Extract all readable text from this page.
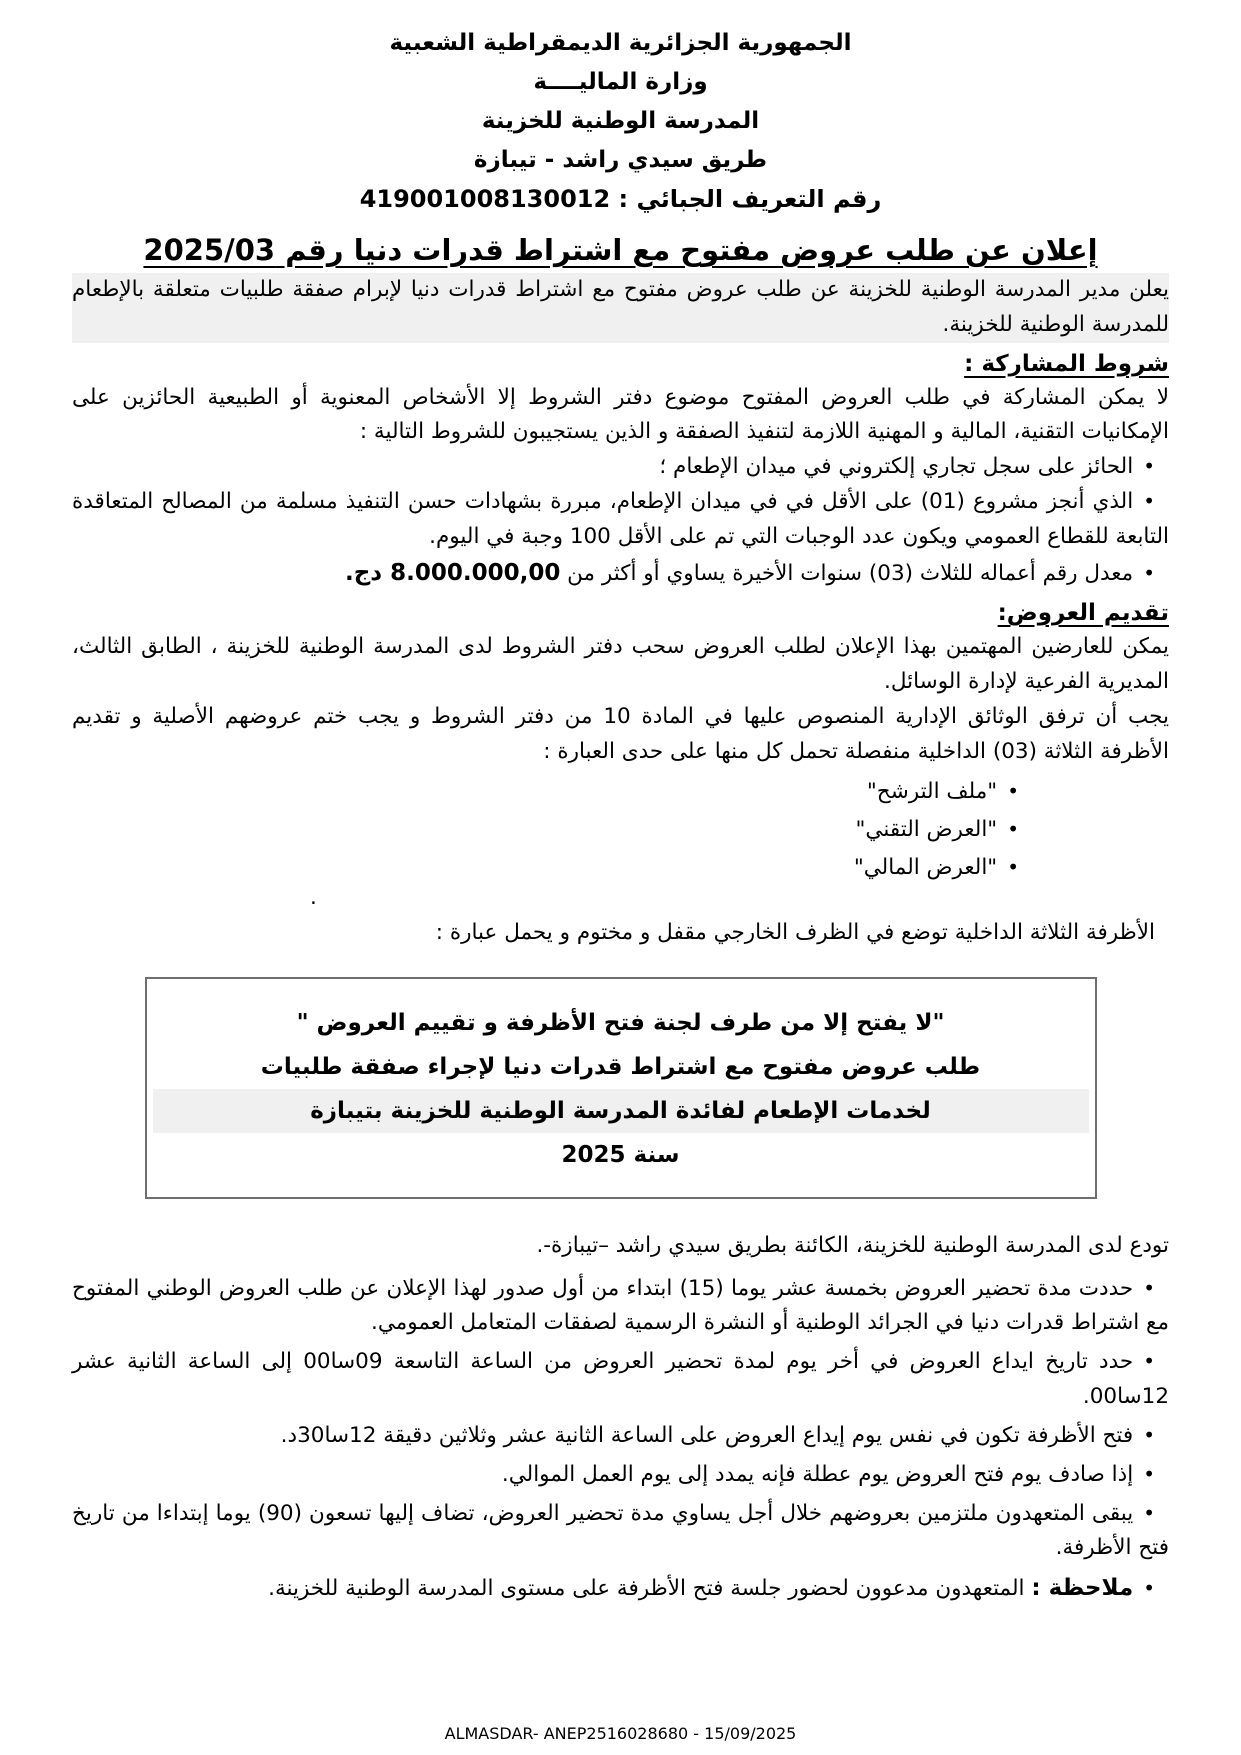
الجمهورية الجزائرية الديمقراطية الشعبية
وزارة الماليــــة
المدرسة الوطنية للخزينة
طريق سيدي راشد - تيبازة
رقم التعريف الجبائي : 419001008130012
إعلان عن طلب عروض مفتوح مع اشتراط قدرات دنيا رقم 2025/03

يعلن مدير المدرسة الوطنية للخزينة عن طلب عروض مفتوح مع اشتراط قدرات دنيا لإبرام صفقة طلبيات متعلقة بالإطعام للمدرسة الوطنية للخزينة.

شروط المشاركة :

لا يمكن المشاركة في طلب العروض المفتوح موضوع دفتر الشروط إلا الأشخاص المعنوية أو الطبيعية الحائزين على الإمكانيات التقنية، المالية و المهنية اللازمة لتنفيذ الصفقة و الذين يستجيبون للشروط التالية :

•الحائز على سجل تجاري إلكتروني في ميدان الإطعام ؛

•الذي أنجز مشروع (01) على الأقل في في ميدان الإطعام، مبررة بشهادات حسن التنفيذ مسلمة من المصالح المتعاقدة التابعة للقطاع العمومي ويكون عدد الوجبات التي تم على الأقل 100 وجبة في اليوم.

•معدل رقم أعماله للثلاث (03) سنوات الأخيرة يساوي أو أكثر من 8.000.000,00 دج.

تقديم العروض:

يمكن للعارضين المهتمين بهذا الإعلان لطلب العروض سحب دفتر الشروط لدى المدرسة الوطنية للخزينة ، الطابق الثالث، المديرية الفرعية لإدارة الوسائل.

يجب أن ترفق الوثائق الإدارية المنصوص عليها في المادة 10 من دفتر الشروط و يجب ختم عروضهم الأصلية و تقديم الأظرفة الثلاثة (03) الداخلية منفصلة تحمل كل منها على حدى العبارة :

•"ملف الترشح"

•"العرض التقني"

•"العرض المالي"

.

الأظرفة الثلاثة الداخلية توضع في الظرف الخارجي مقفل و مختوم و يحمل عبارة :

"لا يفتح إلا من طرف لجنة فتح الأظرفة و تقييم العروض "
طلب عروض مفتوح مع اشتراط قدرات دنيا لإجراء صفقة طلبيات
لخدمات الإطعام لفائدة المدرسة الوطنية للخزينة بتيبازة
سنة 2025

تودع لدى المدرسة الوطنية للخزينة، الكائنة بطريق سيدي راشد –تيبازة-.

•حددت مدة تحضير العروض بخمسة عشر يوما (15) ابتداء من أول صدور لهذا الإعلان عن طلب العروض الوطني المفتوح مع اشتراط قدرات دنيا في الجرائد الوطنية أو النشرة الرسمية لصفقات المتعامل العمومي.

•حدد تاريخ ايداع العروض في أخر يوم لمدة تحضير العروض من الساعة التاسعة 09سا00 إلى الساعة الثانية عشر 12سا00.

•فتح الأظرفة تكون في نفس يوم إيداع العروض على الساعة الثانية عشر وثلاثين دقيقة 12سا30د.

•إذا صادف يوم فتح العروض يوم عطلة فإنه يمدد إلى يوم العمل الموالي.

•يبقى المتعهدون ملتزمين بعروضهم خلال أجل يساوي مدة تحضير العروض، تضاف إليها تسعون (90) يوما إبتداءا من تاريخ فتح الأظرفة.

•ملاحظة : المتعهدون مدعوون لحضور جلسة فتح الأظرفة على مستوى المدرسة الوطنية للخزينة.

ALMASDAR- ANEP2516028680 - 15/09/2025
